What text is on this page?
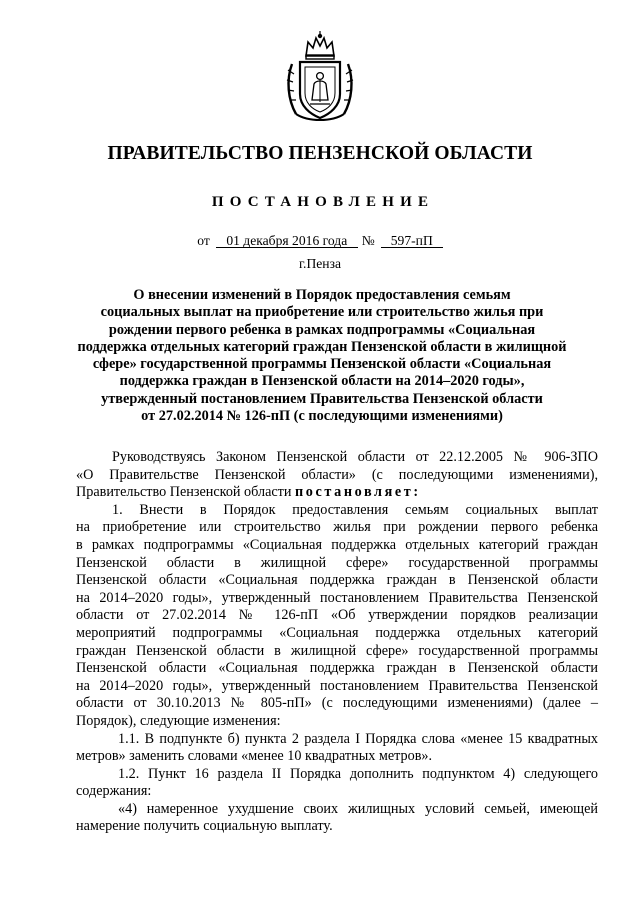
ПРАВИТЕЛЬСТВО ПЕНЗЕНСКОЙ ОБЛАСТИ
ПОСТАНОВЛЕНИЕ
от 01 декабря 2016 года № 597-пП
г.Пенза
О внесении изменений в Порядок предоставления семьям
социальных выплат на приобретение или строительство жилья при
рождении первого ребенка в рамках подпрограммы «Социальная
поддержка отдельных категорий граждан Пензенской области в жилищной
сфере» государственной программы Пензенской области «Социальная
поддержка граждан в Пензенской области на 2014–2020 годы»,
утвержденный постановлением Правительства Пензенской области
от 27.02.2014 № 126-пП (с последующими изменениями)
Руководствуясь Законом Пензенской области от 22.12.2005 № 906-ЗПО
«О Правительстве Пензенской области» (с последующими изменениями),
Правительство Пензенской области постановляет:
1. Внести в Порядок предоставления семьям социальных выплат
на приобретение или строительство жилья при рождении первого ребенка
в рамках подпрограммы «Социальная поддержка отдельных категорий граждан
Пензенской области в жилищной сфере» государственной программы
Пензенской области «Социальная поддержка граждан в Пензенской области
на 2014–2020 годы», утвержденный постановлением Правительства Пензенской
области от 27.02.2014 № 126-пП «Об утверждении порядков реализации
мероприятий подпрограммы «Социальная поддержка отдельных категорий
граждан Пензенской области в жилищной сфере» государственной программы
Пензенской области «Социальная поддержка граждан в Пензенской области
на 2014–2020 годы», утвержденный постановлением Правительства Пензенской
области от 30.10.2013 № 805-пП» (с последующими изменениями) (далее –
Порядок), следующие изменения:
1.1. В подпункте б) пункта 2 раздела I Порядка слова «менее 15 квадратных
метров» заменить словами «менее 10 квадратных метров».
1.2. Пункт 16 раздела II Порядка дополнить подпунктом 4) следующего
содержания:
«4) намеренное ухудшение своих жилищных условий семьей, имеющей
намерение получить социальную выплату.
